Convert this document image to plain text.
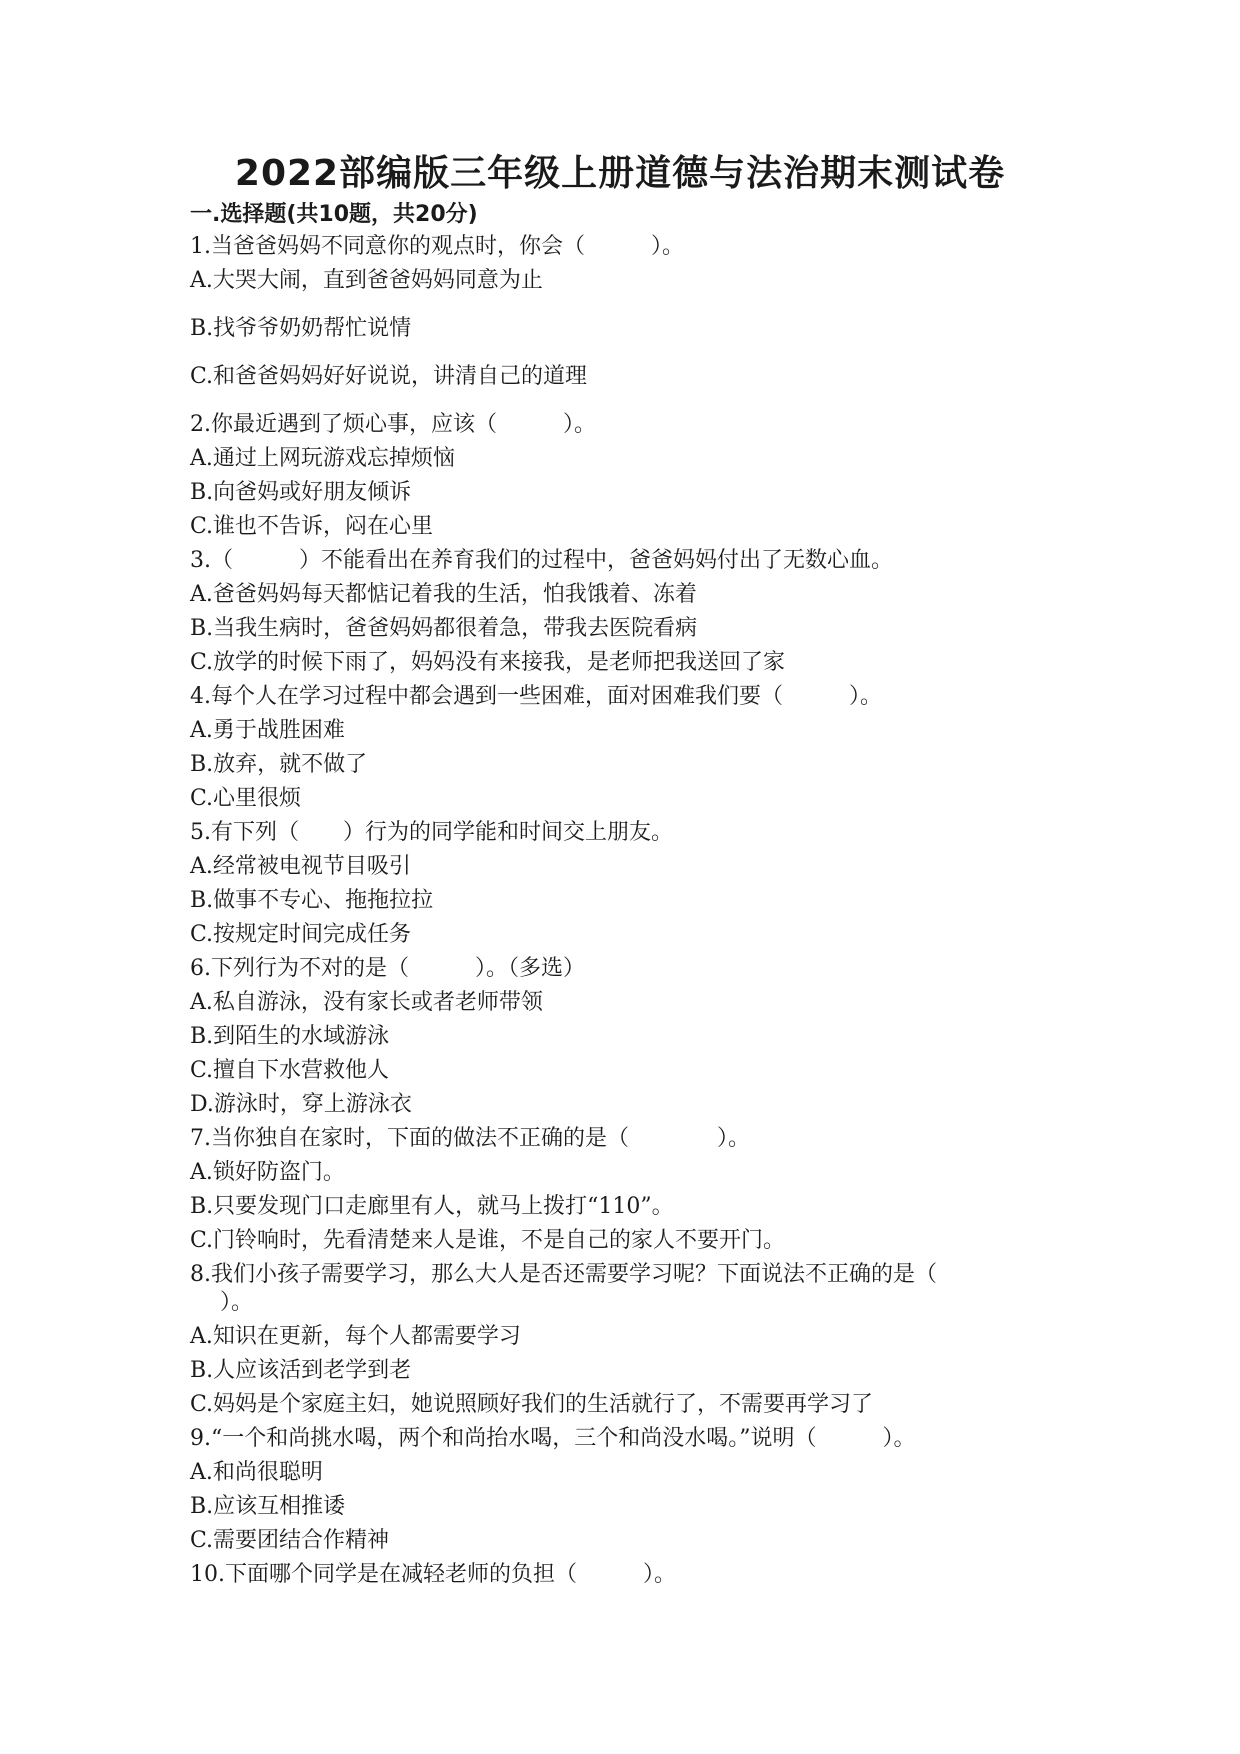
2022部编版三年级上册道德与法治期末测试卷
一.选择题(共10题，共20分)
1.当爸爸妈妈不同意你的观点时，你会（　　　）。
A.大哭大闹，直到爸爸妈妈同意为止
B.找爷爷奶奶帮忙说情
C.和爸爸妈妈好好说说，讲清自己的道理
2.你最近遇到了烦心事，应该（　　　）。
A.通过上网玩游戏忘掉烦恼
B.向爸妈或好朋友倾诉
C.谁也不告诉，闷在心里
3.（　　　）不能看出在养育我们的过程中，爸爸妈妈付出了无数心血。
A.爸爸妈妈每天都惦记着我的生活，怕我饿着、冻着
B.当我生病时，爸爸妈妈都很着急，带我去医院看病
C.放学的时候下雨了，妈妈没有来接我，是老师把我送回了家
4.每个人在学习过程中都会遇到一些困难，面对困难我们要（　　　）。
A.勇于战胜困难
B.放弃，就不做了
C.心里很烦
5.有下列（　　）行为的同学能和时间交上朋友。
A.经常被电视节目吸引
B.做事不专心、拖拖拉拉
C.按规定时间完成任务
6.下列行为不对的是（　　　）。（多选）
A.私自游泳，没有家长或者老师带领
B.到陌生的水域游泳
C.擅自下水营救他人
D.游泳时，穿上游泳衣
7.当你独自在家时，下面的做法不正确的是（　　　　）。
A.锁好防盗门。
B.只要发现门口走廊里有人，就马上拨打“110”。
C.门铃响时，先看清楚来人是谁，不是自己的家人不要开门。
8.我们小孩子需要学习，那么大人是否还需要学习呢？下面说法不正确的是（
）。
A.知识在更新，每个人都需要学习
B.人应该活到老学到老
C.妈妈是个家庭主妇，她说照顾好我们的生活就行了，不需要再学习了
9.“一个和尚挑水喝，两个和尚抬水喝，三个和尚没水喝。”说明（　　　）。
A.和尚很聪明
B.应该互相推诿
C.需要团结合作精神
10.下面哪个同学是在减轻老师的负担（　　　）。
